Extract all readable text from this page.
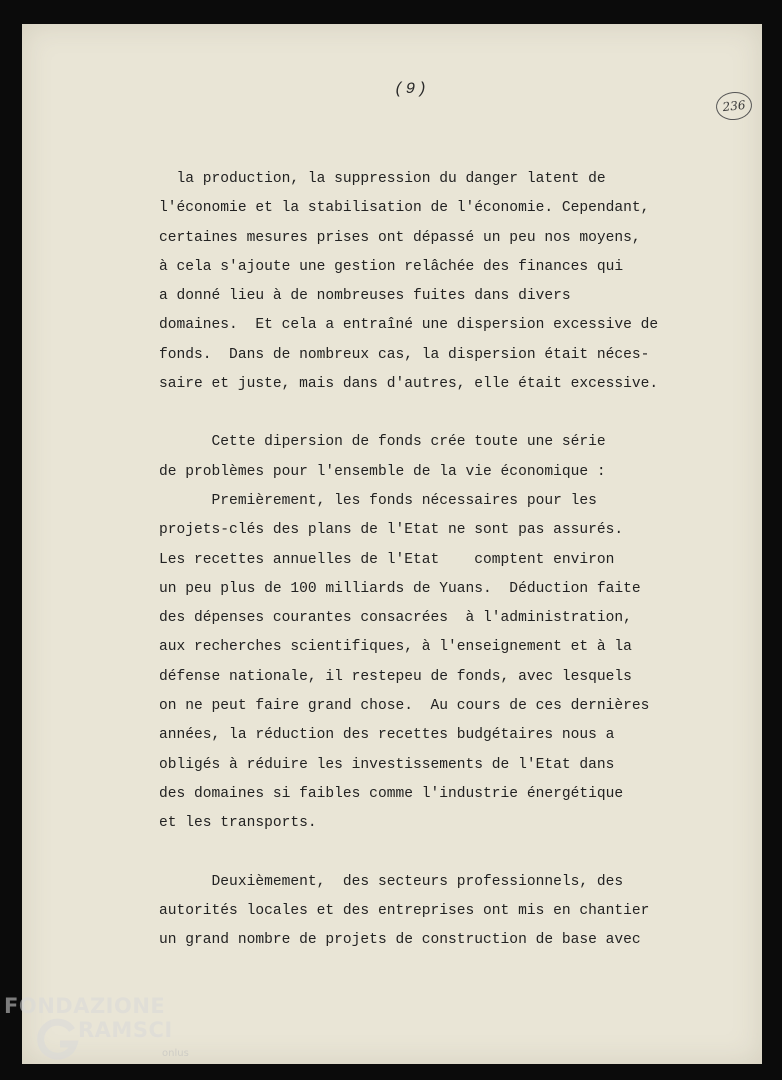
(9)

236

la production, la suppression du danger latent de

l'économie et la stabilisation de l'économie. Cependant,

certaines mesures prises ont dépassé un peu nos moyens,

à cela s'ajoute une gestion relâchée des finances qui

a donné lieu à de nombreuses fuites dans divers

domaines.  Et cela a entraîné une dispersion excessive de

fonds.  Dans de nombreux cas, la dispersion était néces-

saire et juste, mais dans d'autres, elle était excessive.

Cette dipersion de fonds crée toute une série

de problèmes pour l'ensemble de la vie économique :

Premièrement, les fonds nécessaires pour les

projets-clés des plans de l'Etat ne sont pas assurés.

Les recettes annuelles de l'Etat    comptent environ

un peu plus de 100 milliards de Yuans.  Déduction faite

des dépenses courantes consacrées  à l'administration,

aux recherches scientifiques, à l'enseignement et à la

défense nationale, il restepeu de fonds, avec lesquels

on ne peut faire grand chose.  Au cours de ces dernières

années, la réduction des recettes budgétaires nous a

obligés à réduire les investissements de l'Etat dans

des domaines si faibles comme l'industrie énergétique

et les transports.

Deuxièmement,  des secteurs professionnels, des

autorités locales et des entreprises ont mis en chantier

un grand nombre de projets de construction de base avec

FONDAZIONE

RAMSCI

onlus
